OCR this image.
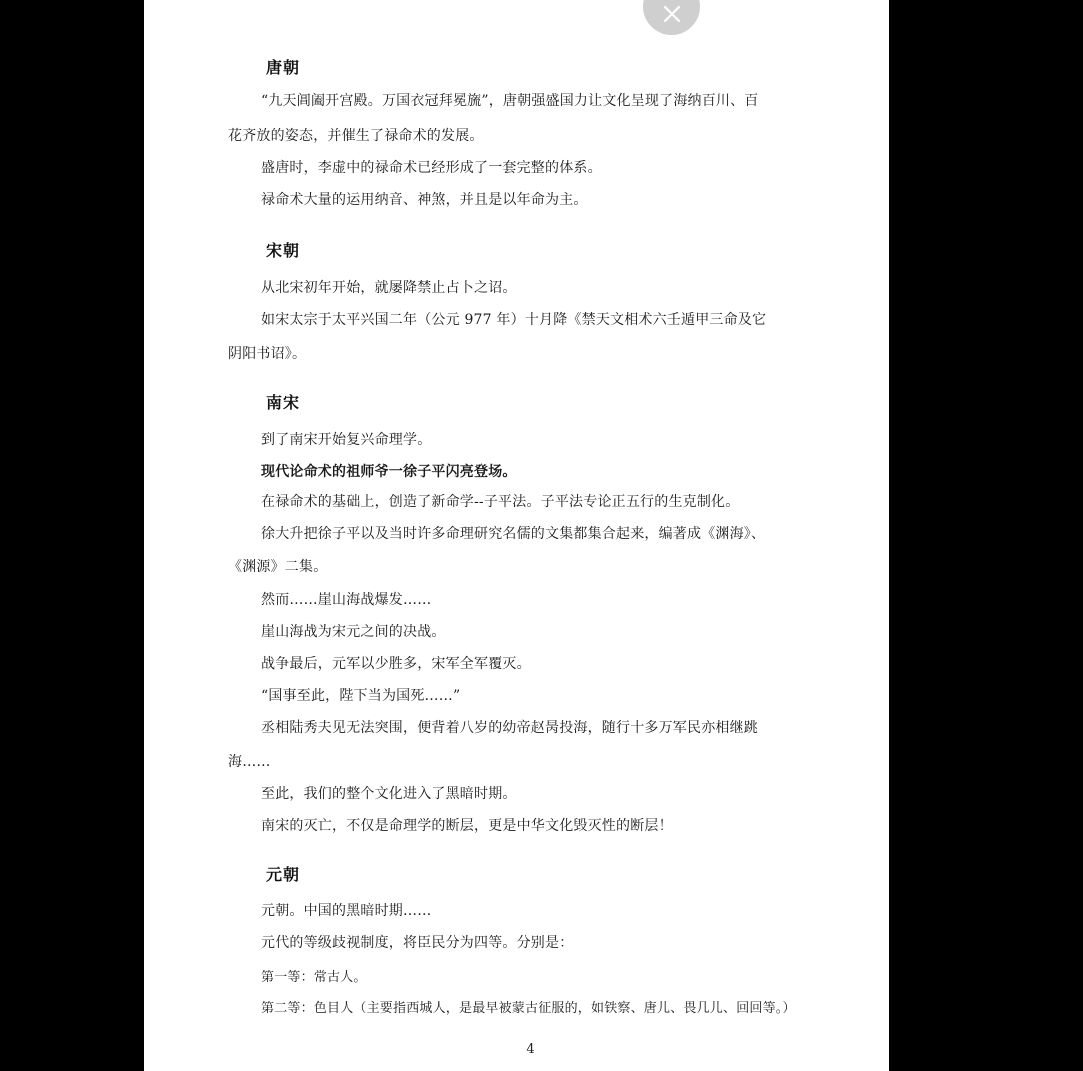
唐朝
“九天阊阖开宫殿。万国衣冠拜冕旒”，唐朝强盛国力让文化呈现了海纳百川、百
花齐放的姿态，并催生了禄命术的发展。
盛唐时，李虚中的禄命术已经形成了一套完整的体系。
禄命术大量的运用纳音、神煞，并且是以年命为主。
宋朝
从北宋初年开始，就屡降禁止占卜之诏。
如宋太宗于太平兴国二年（公元 977 年）十月降《禁天文相术六壬遁甲三命及它
阴阳书诏》。
南宋
到了南宋开始复兴命理学。
现代论命术的祖师爷一徐子平闪亮登场。
在禄命术的基础上，创造了新命学--子平法。子平法专论正五行的生克制化。
徐大升把徐子平以及当时许多命理研究名儒的文集都集合起来，编著成《渊海》、
《渊源》二集。
然而……崖山海战爆发……
崖山海战为宋元之间的决战。
战争最后，元军以少胜多，宋军全军覆灭。
“国事至此，陛下当为国死……”
丞相陆秀夫见无法突围，便背着八岁的幼帝赵昺投海，随行十多万军民亦相继跳
海……
至此，我们的整个文化进入了黑暗时期。
南宋的灭亡，不仅是命理学的断层，更是中华文化毁灭性的断层！
元朝
元朝。中国的黑暗时期……
元代的等级歧视制度，将臣民分为四等。分别是：
第一等：常古人。
第二等：色目人（主要指西城人，是最早被蒙古征服的，如铁察、唐儿、畏几儿、回回等。）
4
